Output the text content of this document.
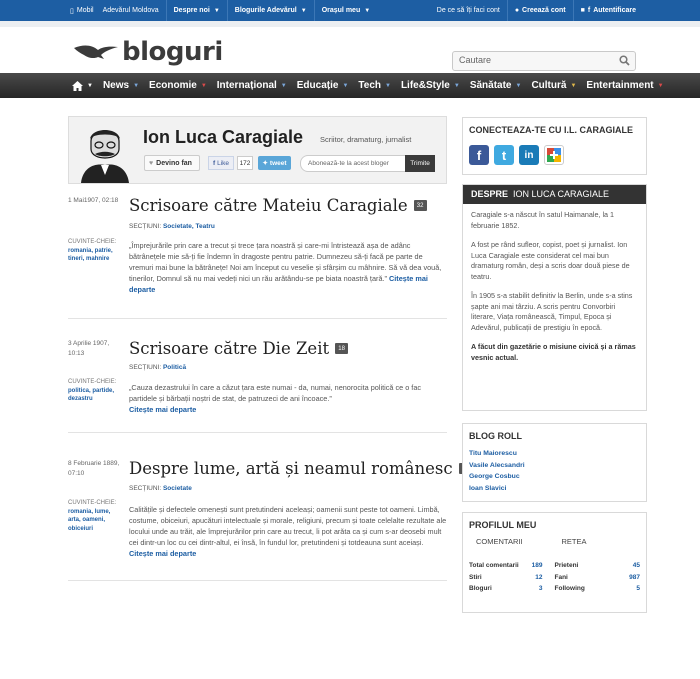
▯ Mobil Adevărul Moldova Despre noi ▼ Blogurile Adevărul ▼ Orașul meu ▼	De ce să îți faci cont ● Creează cont ■ f Autentificare
bloguri	Cautare
▼ News ▼ Economie ▼ Internațional ▼ Educație ▼ Tech ▼ Life&Style ▼ Sănătate ▼ Cultură ▼ Entertainment ▼
Ion Luca Caragiale Scriitor, dramaturg, jurnalist
♥ Devino fan	f Like	172	✦ tweet	Abonează-te la acest bloger	Trimite
1 Mai1907, 02:18
CUVINTE-CHEIE:
romania, patrie, tineri, mahnire
Scrisoare către Mateiu Caragiale	32
SECȚIUNI: Societate, Teatru
„Împrejurările prin care a trecut și trece țara noastră și care-mi întristează așa de adânc bătrânețele mie să-ți fie îndemn în dragoste pentru patrie. Dumnezeu să-ți facă pe parte de vremuri mai bune la bătrânețe! Noi am început cu veselie și sfârșim cu mâhnire. Să vă dea vouă, tinerilor, Domnul să nu mai vedeți nici un rău arătându-se pe biata noastră țară.” Citește mai departe
3 Aprilie 1907, 10:13
CUVINTE-CHEIE:
politica, partide, dezastru
Scrisoare către Die Zeit	18
SECȚIUNI: Politică
„Cauza dezastrului în care a căzut țara este numai - da, numai, nenorocita politică ce o fac partidele și bărbații noștri de stat, de patruzeci de ani încoace.”
Citește mai departe
8 Februarie 1889, 07:10
CUVINTE-CHEIE:
romania, lume, arta, oameni, obiceiuri
Despre lume, artă și neamul românesc
SECȚIUNI: Societate
Calitățile și defectele omenești sunt pretutindeni aceleași; oamenii sunt peste tot oameni. Limbă, costume, obiceiuri, apucături intelectuale și morale, religiuni, precum și toate celelalte rezultate ale locului unde au trăit, ale împrejurărilor prin care au trecut, îi pot arăta ca și cum s-ar deosebi mult cei dintr-un loc cu cei dintr-altul, ei însă, în fundul lor, pretutindeni și totdeauna sunt aceiași. Citește mai departe
CONECTEAZA-TE CU I.L. CARAGIALE
f	t	in
DESPRE ION LUCA CARAGIALE

Caragiale s-a născut în satul Haimanale, la 1 februarie 1852.

A fost pe rând sufleor, copist, poet și jurnalist. Ion Luca Caragiale este considerat cel mai bun dramaturg român, deși a scris doar două piese de teatru.

În 1905 s-a stabilit definitiv la Berlin, unde s-a stins șapte ani mai târziu. A scris pentru Convorbiri literare, Viața românească, Timpul, Epoca și Adevărul, publicații de prestigiu în epocă.

A făcut din gazetărie o misiune civică și a rămas vesnic actual.

BLOG ROLL
Titu Maiorescu
Vasile Alecsandri
George Cosbuc
Ioan Slavici
PROFILUL MEU
COMENTARII
Total comentarii 189
Stiri	12
Bloguri	3
RETEA
Prieteni	45
Fani	987
Following	5
